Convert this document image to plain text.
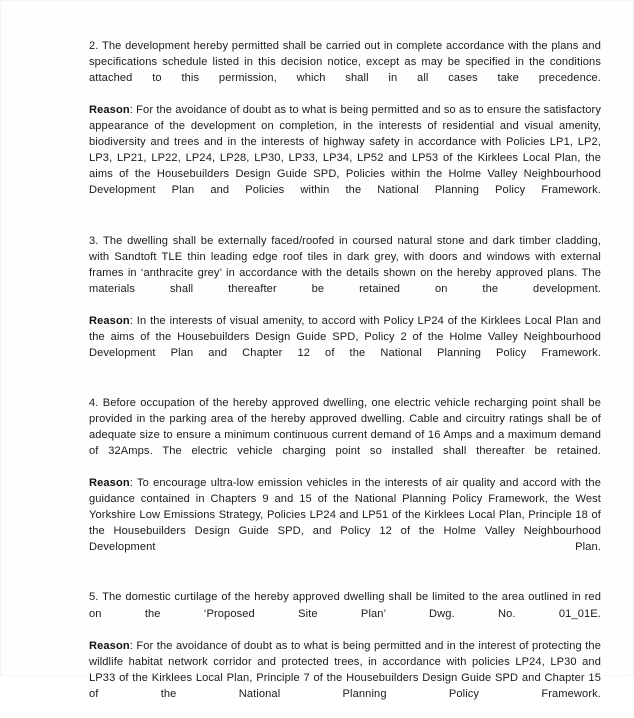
2. The development hereby permitted shall be carried out in complete accordance with the plans and specifications schedule listed in this decision notice, except as may be specified in the conditions attached to this permission, which shall in all cases take precedence.

Reason: For the avoidance of doubt as to what is being permitted and so as to ensure the satisfactory appearance of the development on completion, in the interests of residential and visual amenity, biodiversity and trees and in the interests of highway safety in accordance with Policies LP1, LP2, LP3, LP21, LP22, LP24, LP28, LP30, LP33, LP34, LP52 and LP53 of the Kirklees Local Plan, the aims of the Housebuilders Design Guide SPD, Policies within the Holme Valley Neighbourhood Development Plan and Policies within the National Planning Policy Framework.

3. The dwelling shall be externally faced/roofed in coursed natural stone and dark timber cladding, with Sandtoft TLE thin leading edge roof tiles in dark grey, with doors and windows with external frames in ‘anthracite grey’ in accordance with the details shown on the hereby approved plans. The materials shall thereafter be retained on the development.

Reason: In the interests of visual amenity, to accord with Policy LP24 of the Kirklees Local Plan and the aims of the Housebuilders Design Guide SPD, Policy 2 of the Holme Valley Neighbourhood Development Plan and Chapter 12 of the National Planning Policy Framework.

4. Before occupation of the hereby approved dwelling, one electric vehicle recharging point shall be provided in the parking area of the hereby approved dwelling. Cable and circuitry ratings shall be of adequate size to ensure a minimum continuous current demand of 16 Amps and a maximum demand of 32Amps. The electric vehicle charging point so installed shall thereafter be retained.

Reason: To encourage ultra-low emission vehicles in the interests of air quality and accord with the guidance contained in Chapters 9 and 15 of the National Planning Policy Framework, the West Yorkshire Low Emissions Strategy, Policies LP24 and LP51 of the Kirklees Local Plan, Principle 18 of the Housebuilders Design Guide SPD, and Policy 12 of the Holme Valley Neighbourhood Development Plan.

5. The domestic curtilage of the hereby approved dwelling shall be limited to the area outlined in red on the ‘Proposed Site Plan’ Dwg. No. 01_01E.

Reason: For the avoidance of doubt as to what is being permitted and in the interest of protecting the wildlife habitat network corridor and protected trees, in accordance with policies LP24, LP30 and LP33 of the Kirklees Local Plan, Principle 7 of the Housebuilders Design Guide SPD and Chapter 15 of the National Planning Policy Framework.
